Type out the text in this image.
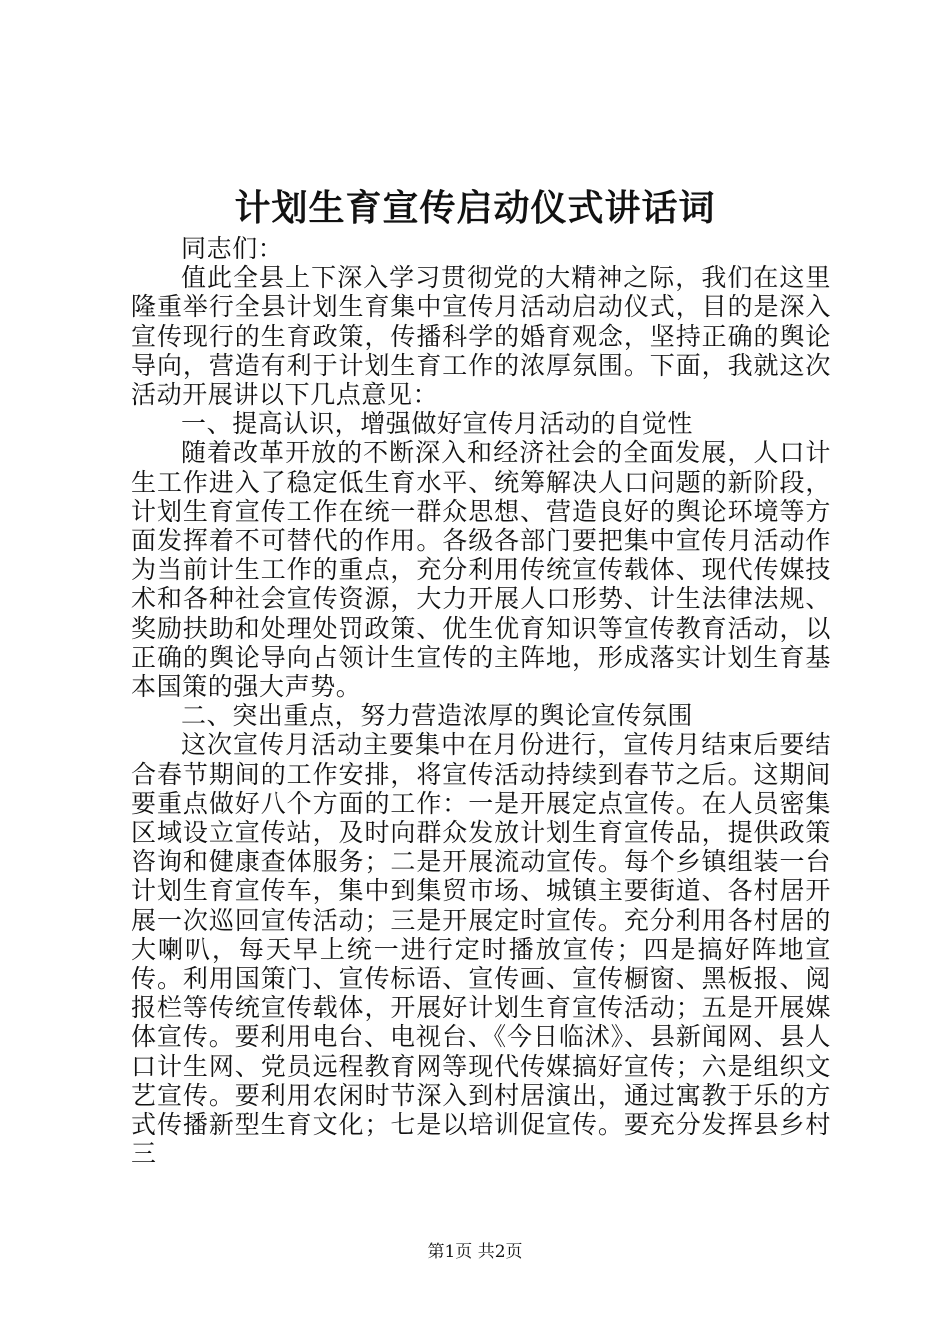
计划生育宣传启动仪式讲话词

同志们：

值此全县上下深入学习贯彻党的大精神之际，我们在这里隆重举行全县计划生育集中宣传月活动启动仪式，目的是深入宣传现行的生育政策，传播科学的婚育观念，坚持正确的舆论导向，营造有利于计划生育工作的浓厚氛围。下面，我就这次活动开展讲以下几点意见：

一、提高认识，增强做好宣传月活动的自觉性

随着改革开放的不断深入和经济社会的全面发展，人口计生工作进入了稳定低生育水平、统筹解决人口问题的新阶段，计划生育宣传工作在统一群众思想、营造良好的舆论环境等方面发挥着不可替代的作用。各级各部门要把集中宣传月活动作为当前计生工作的重点，充分利用传统宣传载体、现代传媒技术和各种社会宣传资源，大力开展人口形势、计生法律法规、奖励扶助和处理处罚政策、优生优育知识等宣传教育活动，以正确的舆论导向占领计生宣传的主阵地，形成落实计划生育基本国策的强大声势。

二、突出重点，努力营造浓厚的舆论宣传氛围

这次宣传月活动主要集中在月份进行，宣传月结束后要结合春节期间的工作安排，将宣传活动持续到春节之后。这期间要重点做好八个方面的工作：一是开展定点宣传。在人员密集区域设立宣传站，及时向群众发放计划生育宣传品，提供政策咨询和健康查体服务；二是开展流动宣传。每个乡镇组装一台计划生育宣传车，集中到集贸市场、城镇主要街道、各村居开展一次巡回宣传活动；三是开展定时宣传。充分利用各村居的大喇叭，每天早上统一进行定时播放宣传；四是搞好阵地宣传。利用国策门、宣传标语、宣传画、宣传橱窗、黑板报、阅报栏等传统宣传载体，开展好计划生育宣传活动；五是开展媒体宣传。要利用电台、电视台、《今日临沭》、县新闻网、县人口计生网、党员远程教育网等现代传媒搞好宣传；六是组织文艺宣传。要利用农闲时节深入到村居演出，通过寓教于乐的方式传播新型生育文化；七是以培训促宣传。要充分发挥县乡村三

第1页 共2页
